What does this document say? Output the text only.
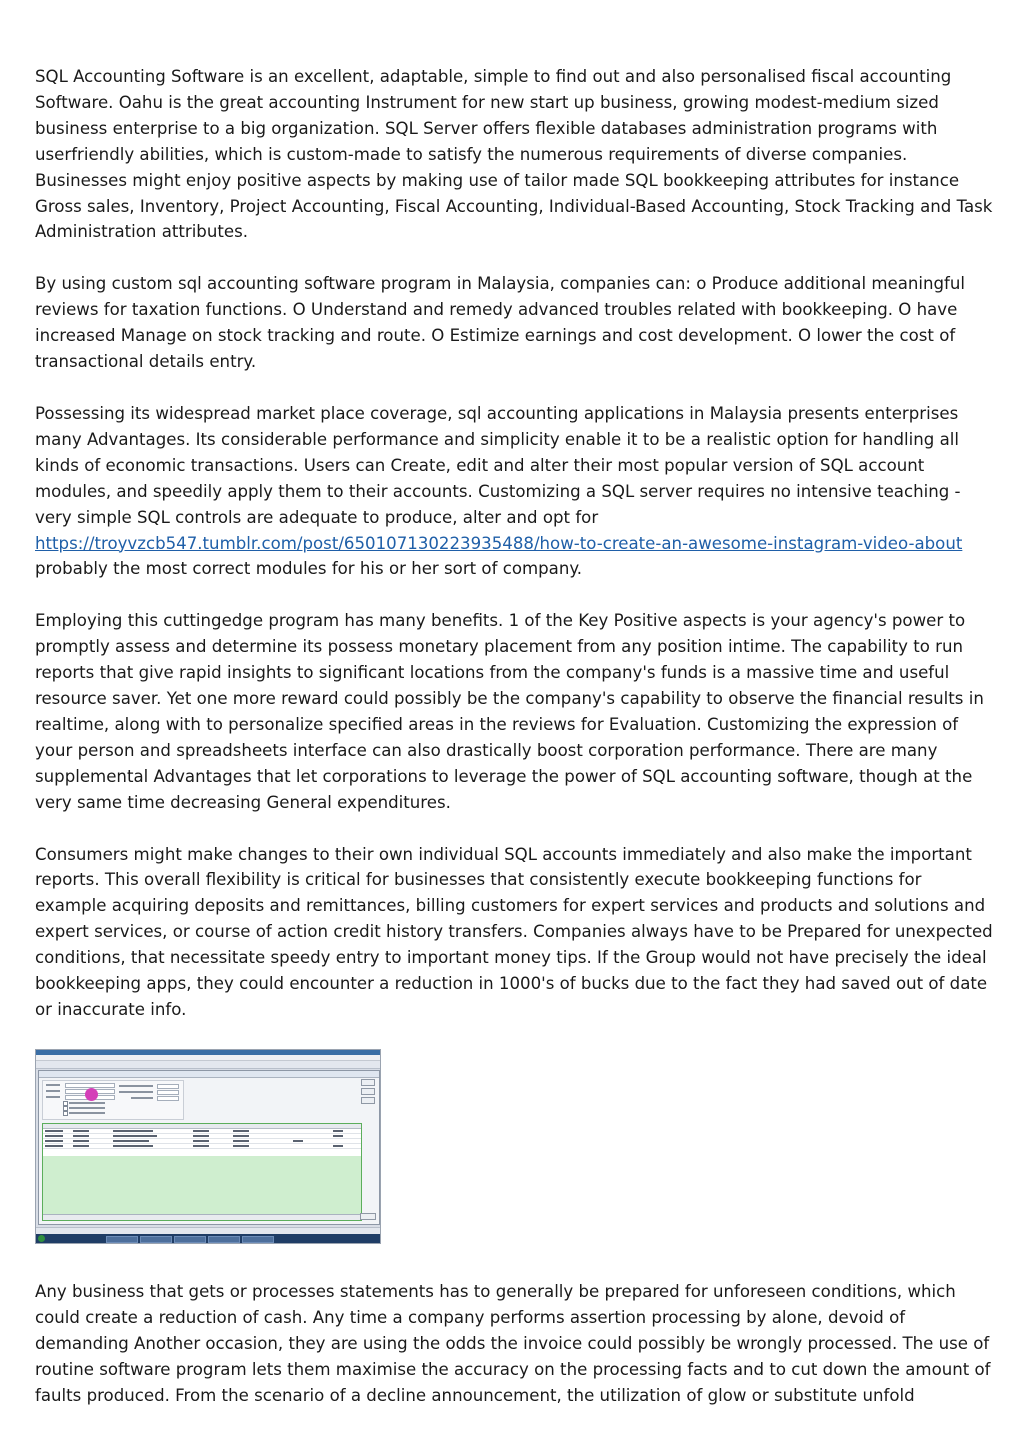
SQL Accounting Software is an excellent, adaptable, simple to find out and also personalised fiscal accounting Software. Oahu is the great accounting Instrument for new start up business, growing modest-medium sized business enterprise to a big organization. SQL Server offers flexible databases administration programs with userfriendly abilities, which is custom-made to satisfy the numerous requirements of diverse companies. Businesses might enjoy positive aspects by making use of tailor made SQL bookkeeping attributes for instance Gross sales, Inventory, Project Accounting, Fiscal Accounting, Individual-Based Accounting, Stock Tracking and Task Administration attributes.

By using custom sql accounting software program in Malaysia, companies can: o Produce additional meaningful reviews for taxation functions. O Understand and remedy advanced troubles related with bookkeeping. O have increased Manage on stock tracking and route. O Estimize earnings and cost development. O lower the cost of transactional details entry.

Possessing its widespread market place coverage, sql accounting applications in Malaysia presents enterprises many Advantages. Its considerable performance and simplicity enable it to be a realistic option for handling all kinds of economic transactions. Users can Create, edit and alter their most popular version of SQL account modules, and speedily apply them to their accounts. Customizing a SQL server requires no intensive teaching - very simple SQL controls are adequate to produce, alter and opt for https://troyvzcb547.tumblr.com/post/650107130223935488/how-to-create-an-awesome-instagram-video-about probably the most correct modules for his or her sort of company.

Employing this cuttingedge program has many benefits. 1 of the Key Positive aspects is your agency's power to promptly assess and determine its possess monetary placement from any position intime. The capability to run reports that give rapid insights to significant locations from the company's funds is a massive time and useful resource saver. Yet one more reward could possibly be the company's capability to observe the financial results in realtime, along with to personalize specified areas in the reviews for Evaluation. Customizing the expression of your person and spreadsheets interface can also drastically boost corporation performance. There are many supplemental Advantages that let corporations to leverage the power of SQL accounting software, though at the very same time decreasing General expenditures.

Consumers might make changes to their own individual SQL accounts immediately and also make the important reports. This overall flexibility is critical for businesses that consistently execute bookkeeping functions for example acquiring deposits and remittances, billing customers for expert services and products and solutions and expert services, or course of action credit history transfers. Companies always have to be Prepared for unexpected conditions, that necessitate speedy entry to important money tips. If the Group would not have precisely the ideal bookkeeping apps, they could encounter a reduction in 1000's of bucks due to the fact they had saved out of date or inaccurate info.

Any business that gets or processes statements has to generally be prepared for unforeseen conditions, which could create a reduction of cash. Any time a company performs assertion processing by alone, devoid of demanding Another occasion, they are using the odds the invoice could possibly be wrongly processed. The use of routine software program lets them maximise the accuracy on the processing facts and to cut down the amount of faults produced. From the scenario of a decline announcement, the utilization of glow or substitute unfold
